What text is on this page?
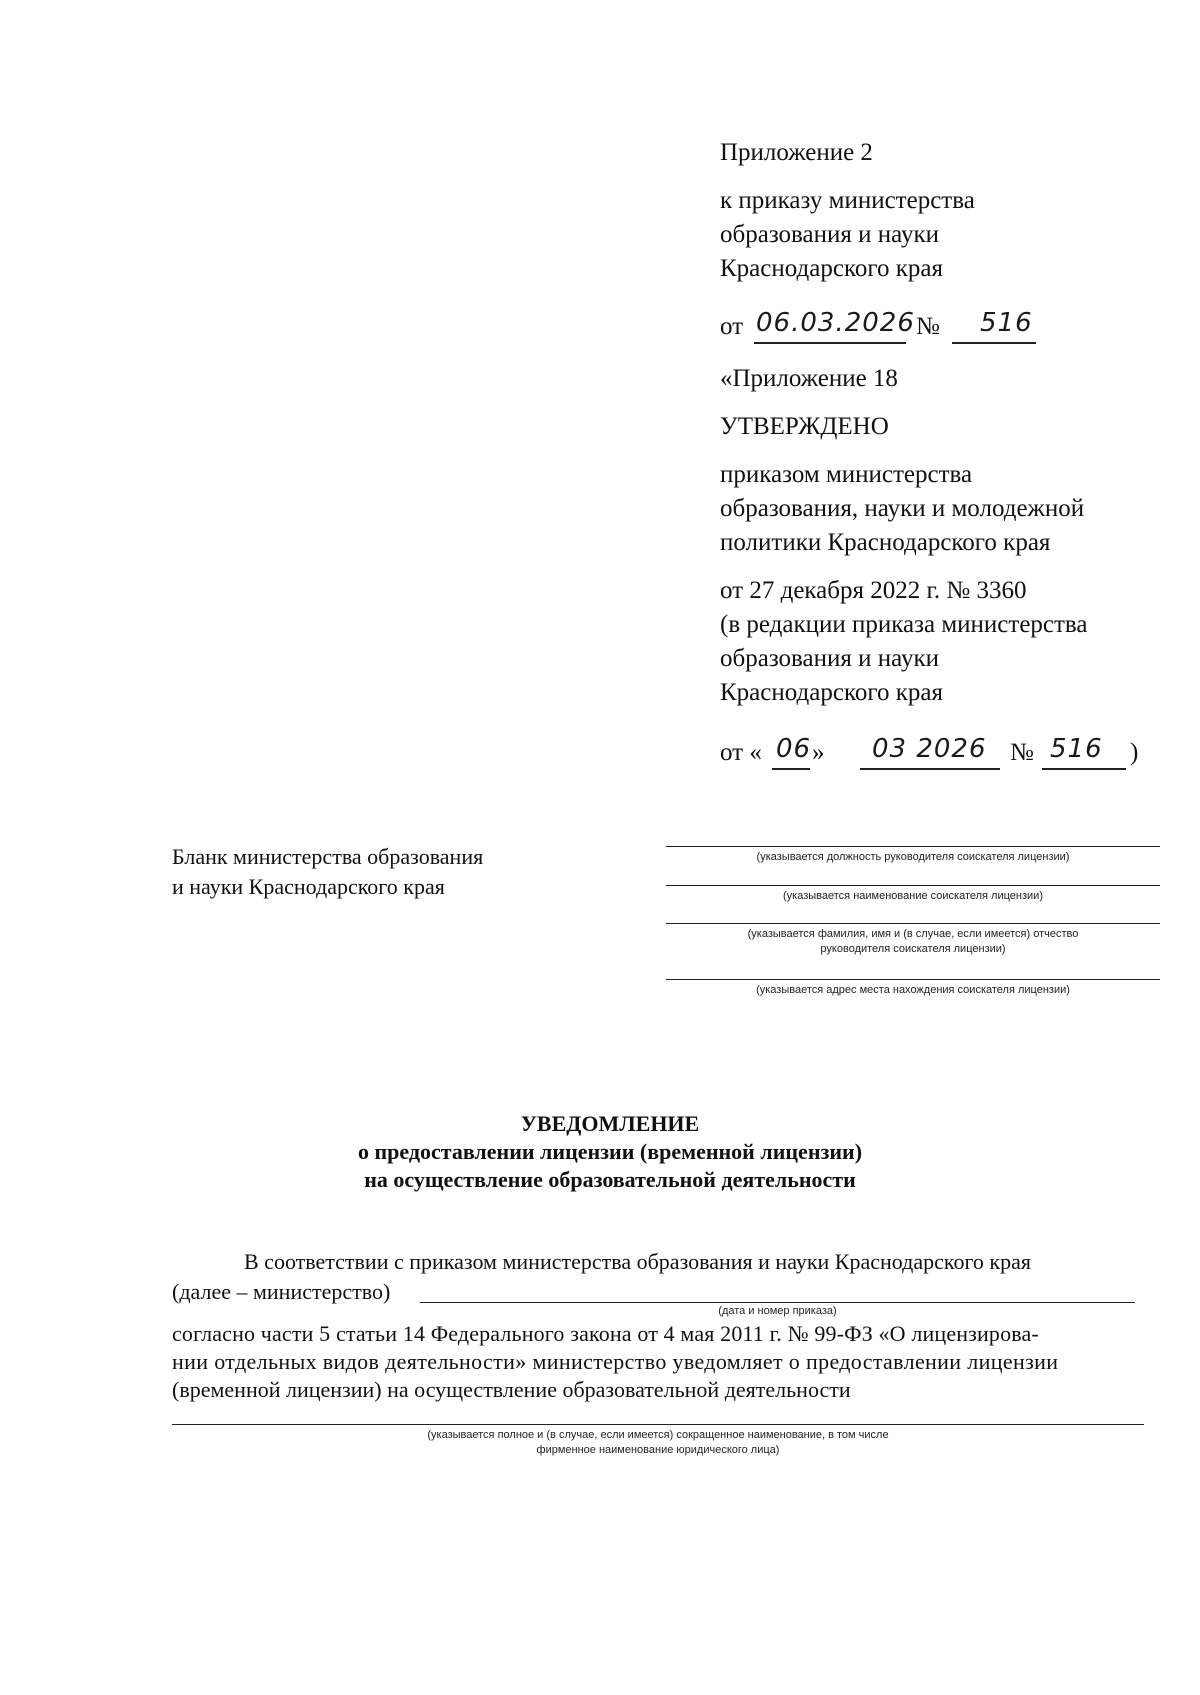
Приложение 2
к приказу министерства
образования и науки
Краснодарского края
от 06.03.2026 № 516
«Приложение 18
УТВЕРЖДЕНО
приказом министерства
образования, науки и молодежной
политики Краснодарского края
от 27 декабря 2022 г. № 3360
(в редакции приказа министерства
образования и науки
Краснодарского края
от « 06 » 03 2026 № 516 )
Бланк министерства образования
и науки Краснодарского края
(указывается должность руководителя соискателя лицензии)
(указывается наименование соискателя лицензии)
(указывается фамилия, имя и (в случае, если имеется) отчество
руководителя соискателя лицензии)
(указывается адрес места нахождения соискателя лицензии)
УВЕДОМЛЕНИЕ
о предоставлении лицензии (временной лицензии)
на осуществление образовательной деятельности
В соответствии с приказом министерства образования и науки Краснодарского края
(далее – министерство)
(дата и номер приказа)
согласно части 5 статьи 14 Федерального закона от 4 мая 2011 г. № 99-ФЗ «О лицензирова-
нии отдельных видов деятельности» министерство уведомляет о предоставлении лицензии
(временной лицензии) на осуществление образовательной деятельности
(указывается полное и (в случае, если имеется) сокращенное наименование, в том числе
фирменное наименование юридического лица)
